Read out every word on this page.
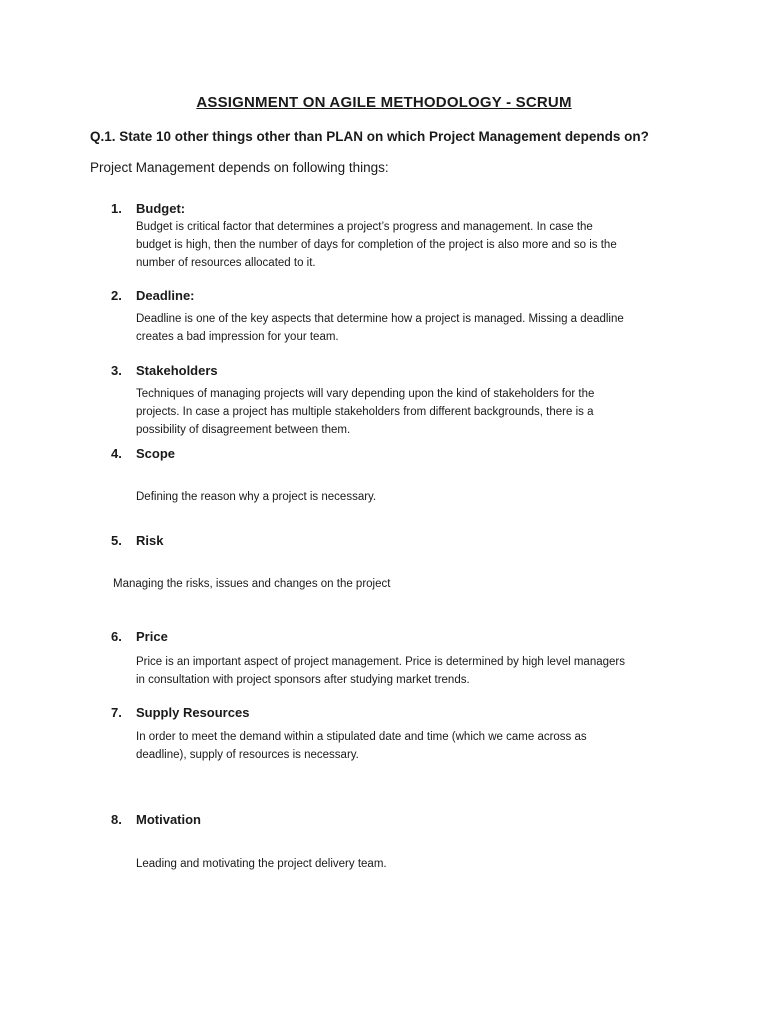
ASSIGNMENT ON AGILE METHODOLOGY - SCRUM
Q.1. State 10 other things other than PLAN on which Project Management depends on?
Project Management depends on following things:
1. Budget:
Budget is critical factor that determines a project’s progress and management. In case the
budget is high, then the number of days for completion of the project is also more and so is the
number of resources allocated to it.
2. Deadline:
Deadline is one of the key aspects that determine how a project is managed. Missing a deadline
creates a bad impression for your team.
3. Stakeholders
Techniques of managing projects will vary depending upon the kind of stakeholders for the
projects. In case a project has multiple stakeholders from different backgrounds, there is a
possibility of disagreement between them.
4. Scope
Defining the reason why a project is necessary.
5. Risk
Managing the risks, issues and changes on the project
6. Price
Price is an important aspect of project management. Price is determined by high level managers
in consultation with project sponsors after studying market trends.
7. Supply Resources
In order to meet the demand within a stipulated date and time (which we came across as
deadline), supply of resources is necessary.
8. Motivation
Leading and motivating the project delivery team.
